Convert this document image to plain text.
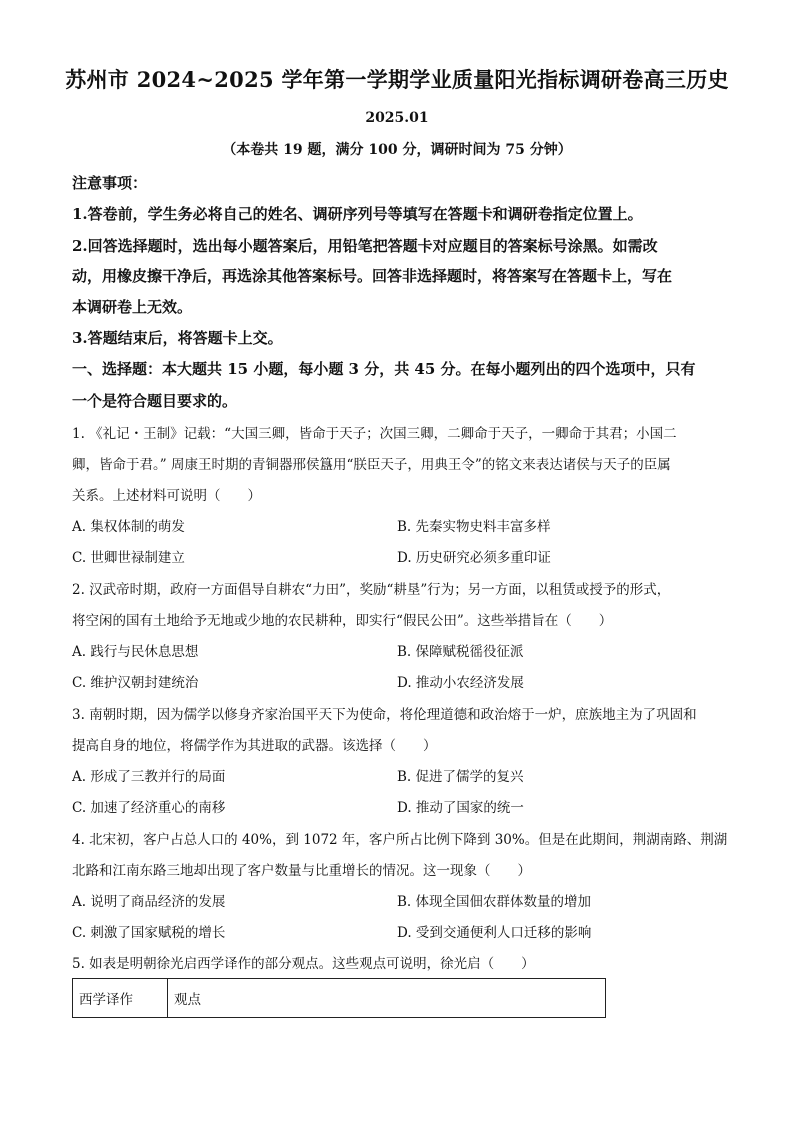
苏州市 2024~2025 学年第一学期学业质量阳光指标调研卷高三历史
2025.01
（本卷共 19 题，满分 100 分，调研时间为 75 分钟）
注意事项：
1.答卷前，学生务必将自己的姓名、调研序列号等填写在答题卡和调研卷指定位置上。
2.回答选择题时，选出每小题答案后，用铅笔把答题卡对应题目的答案标号涂黑。如需改
动，用橡皮擦干净后，再选涂其他答案标号。回答非选择题时，将答案写在答题卡上，写在
本调研卷上无效。
3.答题结束后，将答题卡上交。
一、选择题：本大题共 15 小题，每小题 3 分，共 45 分。在每小题列出的四个选项中，只有
一个是符合题目要求的。
1. 《礼记・王制》记载：“大国三卿，皆命于天子；次国三卿，二卿命于天子，一卿命于其君；小国二
卿，皆命于君。” 周康王时期的青铜器邢侯簋用“朕臣天子，用典王令”的铭文来表达诸侯与天子的臣属
关系。上述材料可说明（　　）
A. 集权体制的萌发	B. 先秦实物史料丰富多样
C. 世卿世禄制建立	D. 历史研究必须多重印证
2. 汉武帝时期，政府一方面倡导自耕农“力田”，奖励“耕垦”行为；另一方面，以租赁或授予的形式，
将空闲的国有土地给予无地或少地的农民耕种，即实行“假民公田”。这些举措旨在（　　）
A. 践行与民休息思想	B. 保障赋税徭役征派
C. 维护汉朝封建统治	D. 推动小农经济发展
3. 南朝时期，因为儒学以修身齐家治国平天下为使命，将伦理道德和政治熔于一炉，庶族地主为了巩固和
提高自身的地位，将儒学作为其进取的武器。该选择（　　）
A. 形成了三教并行的局面	B. 促进了儒学的复兴
C. 加速了经济重心的南移	D. 推动了国家的统一
4. 北宋初，客户占总人口的 40%，到 1072 年，客户所占比例下降到 30%。但是在此期间，荆湖南路、荆湖
北路和江南东路三地却出现了客户数量与比重增长的情况。这一现象（　　）
A. 说明了商品经济的发展	B. 体现全国佃农群体数量的增加
C. 刺激了国家赋税的增长	D. 受到交通便利人口迁移的影响
5. 如表是明朝徐光启西学译作的部分观点。这些观点可说明，徐光启（　　）
西学译作	观点
